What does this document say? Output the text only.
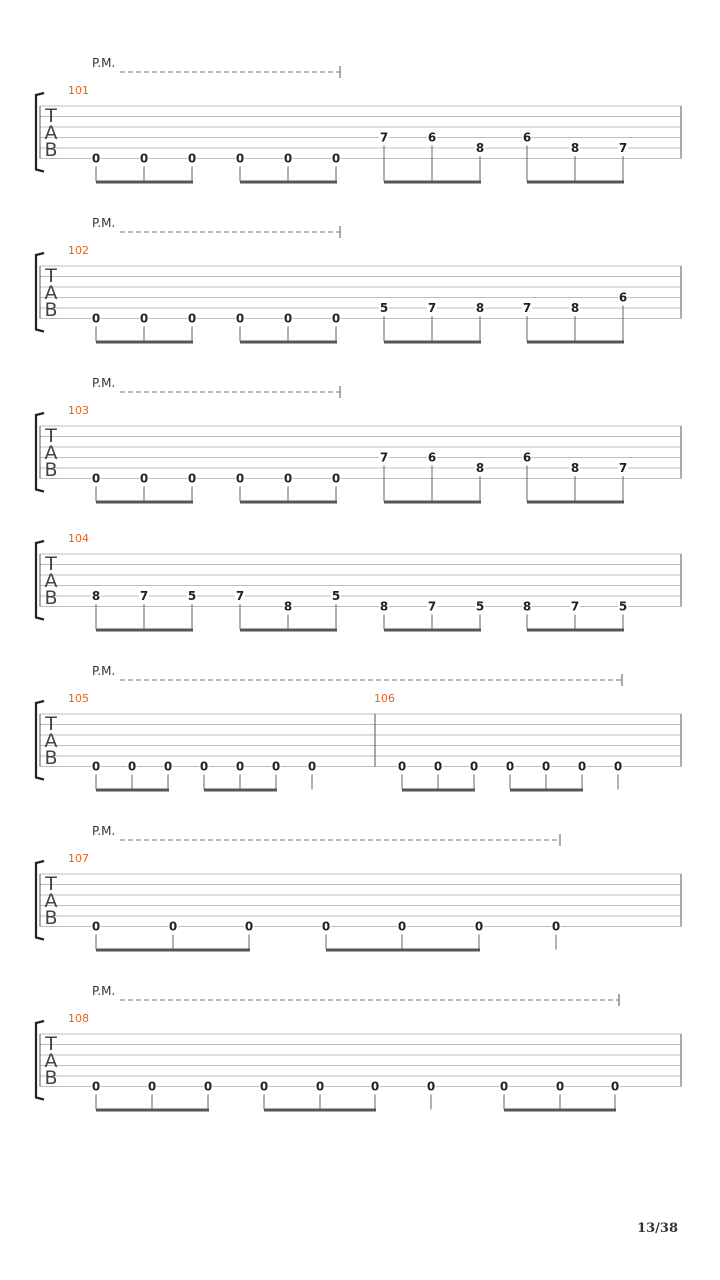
T
A
B
P.M.
101
0	0	0	0	0	0
7	6
8
6
8	7
T
A
B
P.M.
102
0	0	0	0	0	0
5	7	8	7	8
6
T
A
B
P.M.
103
0	0	0	0	0	0
7	6
8
6
8	7
T
A
B
104
8	7	5	7
8
5
8	7	5	8	7	5
T
A
B
P.M.
105
0 0 0 0 0 0 0
106
0 0 0 0 0 0 0
T
A
B
P.M.
107
0	0	0	0	0	0	0
T
A
B
P.M.
108
0	0	0	0	0	0	0	0	0	0
13/38
